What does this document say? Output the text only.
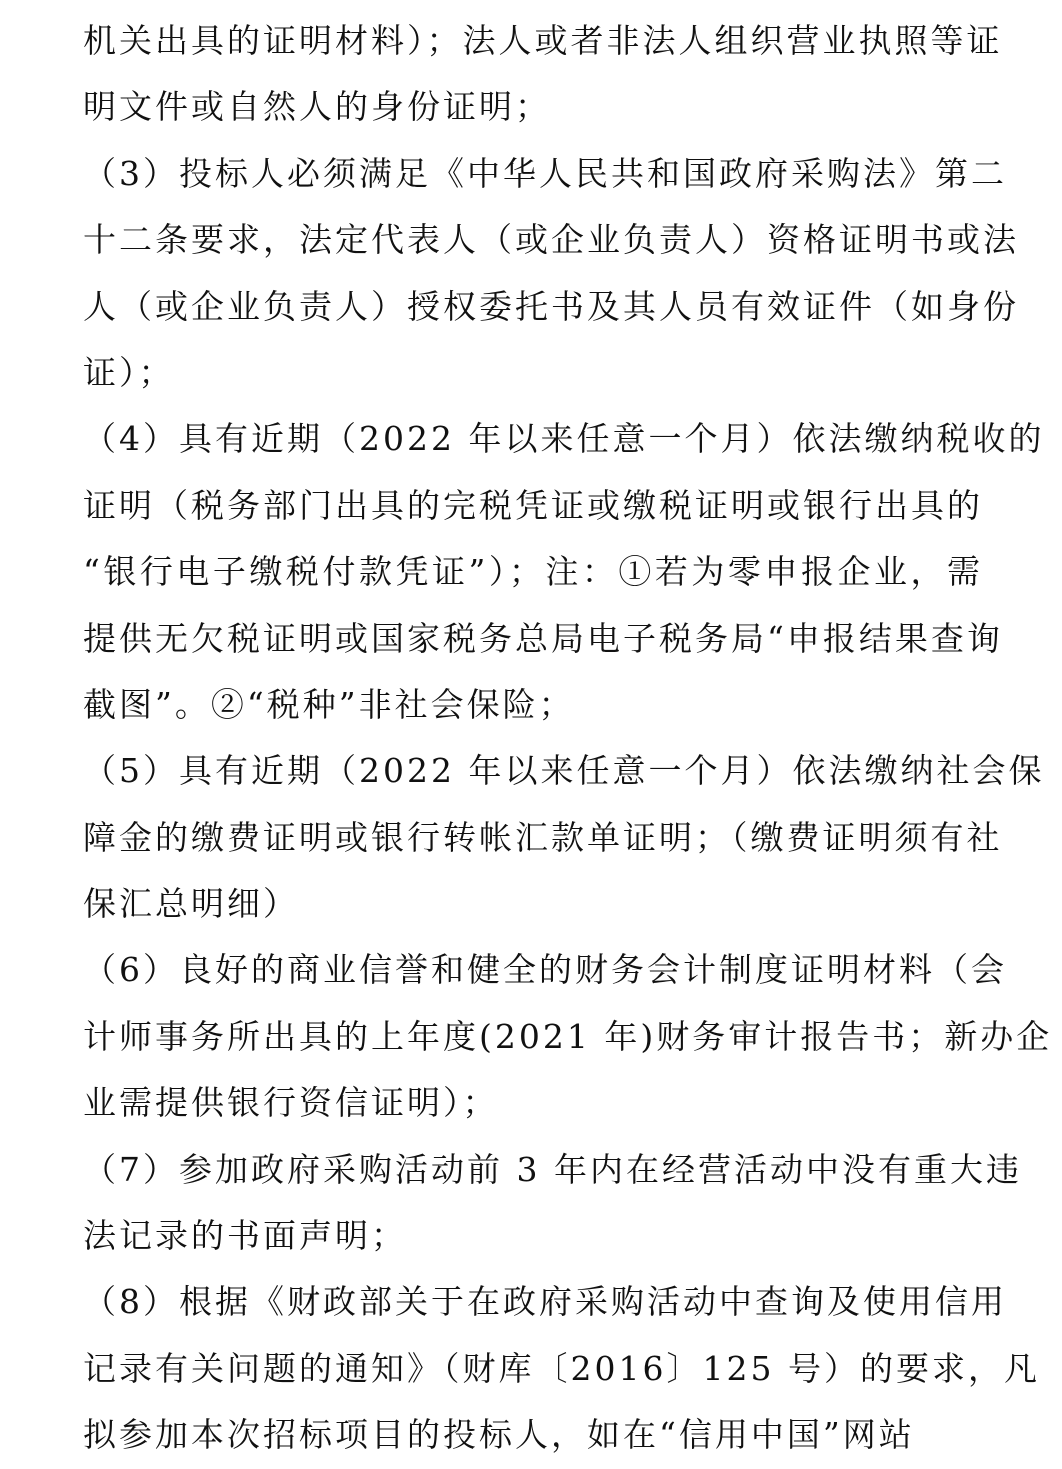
机关出具的证明材料）；法人或者非法人组织营业执照等证
明文件或自然人的身份证明；
（3）投标人必须满足《中华人民共和国政府采购法》第二
十二条要求，法定代表人（或企业负责人）资格证明书或法
人（或企业负责人）授权委托书及其人员有效证件（如身份
证）；
（4）具有近期（2022 年以来任意一个月）依法缴纳税收的
证明（税务部门出具的完税凭证或缴税证明或银行出具的
“银行电子缴税付款凭证”）；注：①若为零申报企业，需
提供无欠税证明或国家税务总局电子税务局“申报结果查询
截图”。②“税种”非社会保险；
（5）具有近期（2022 年以来任意一个月）依法缴纳社会保
障金的缴费证明或银行转帐汇款单证明；（缴费证明须有社
保汇总明细）
（6）良好的商业信誉和健全的财务会计制度证明材料（会
计师事务所出具的上年度(2021 年)财务审计报告书；新办企
业需提供银行资信证明）；
（7）参加政府采购活动前 3 年内在经营活动中没有重大违
法记录的书面声明；
（8）根据《财政部关于在政府采购活动中查询及使用信用
记录有关问题的通知》（财库〔2016〕125 号）的要求，凡
拟参加本次招标项目的投标人，如在“信用中国”网站
